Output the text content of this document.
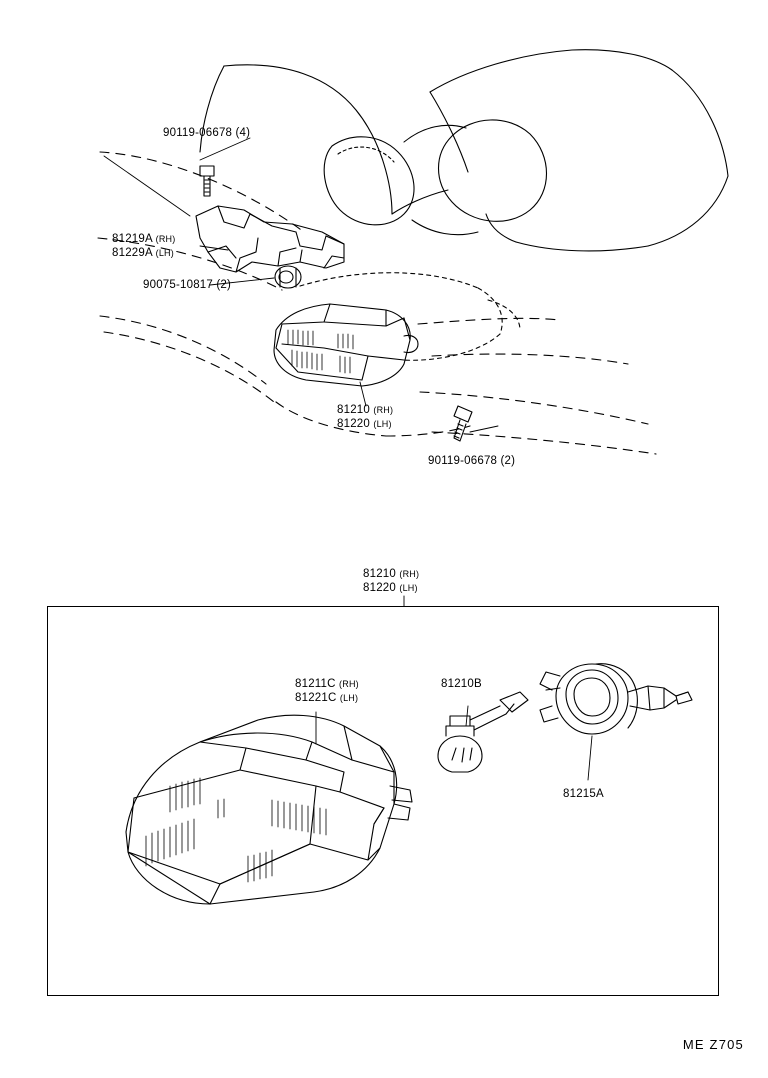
90119-06678 (4)
81219A (RH)
81229A (LH)
90075-10817 (2)
81210 (RH)
81220 (LH)
90119-06678 (2)
81210 (RH)
81220 (LH)
81211C (RH)
81221C (LH)
81210B
81215A
ME Z705
